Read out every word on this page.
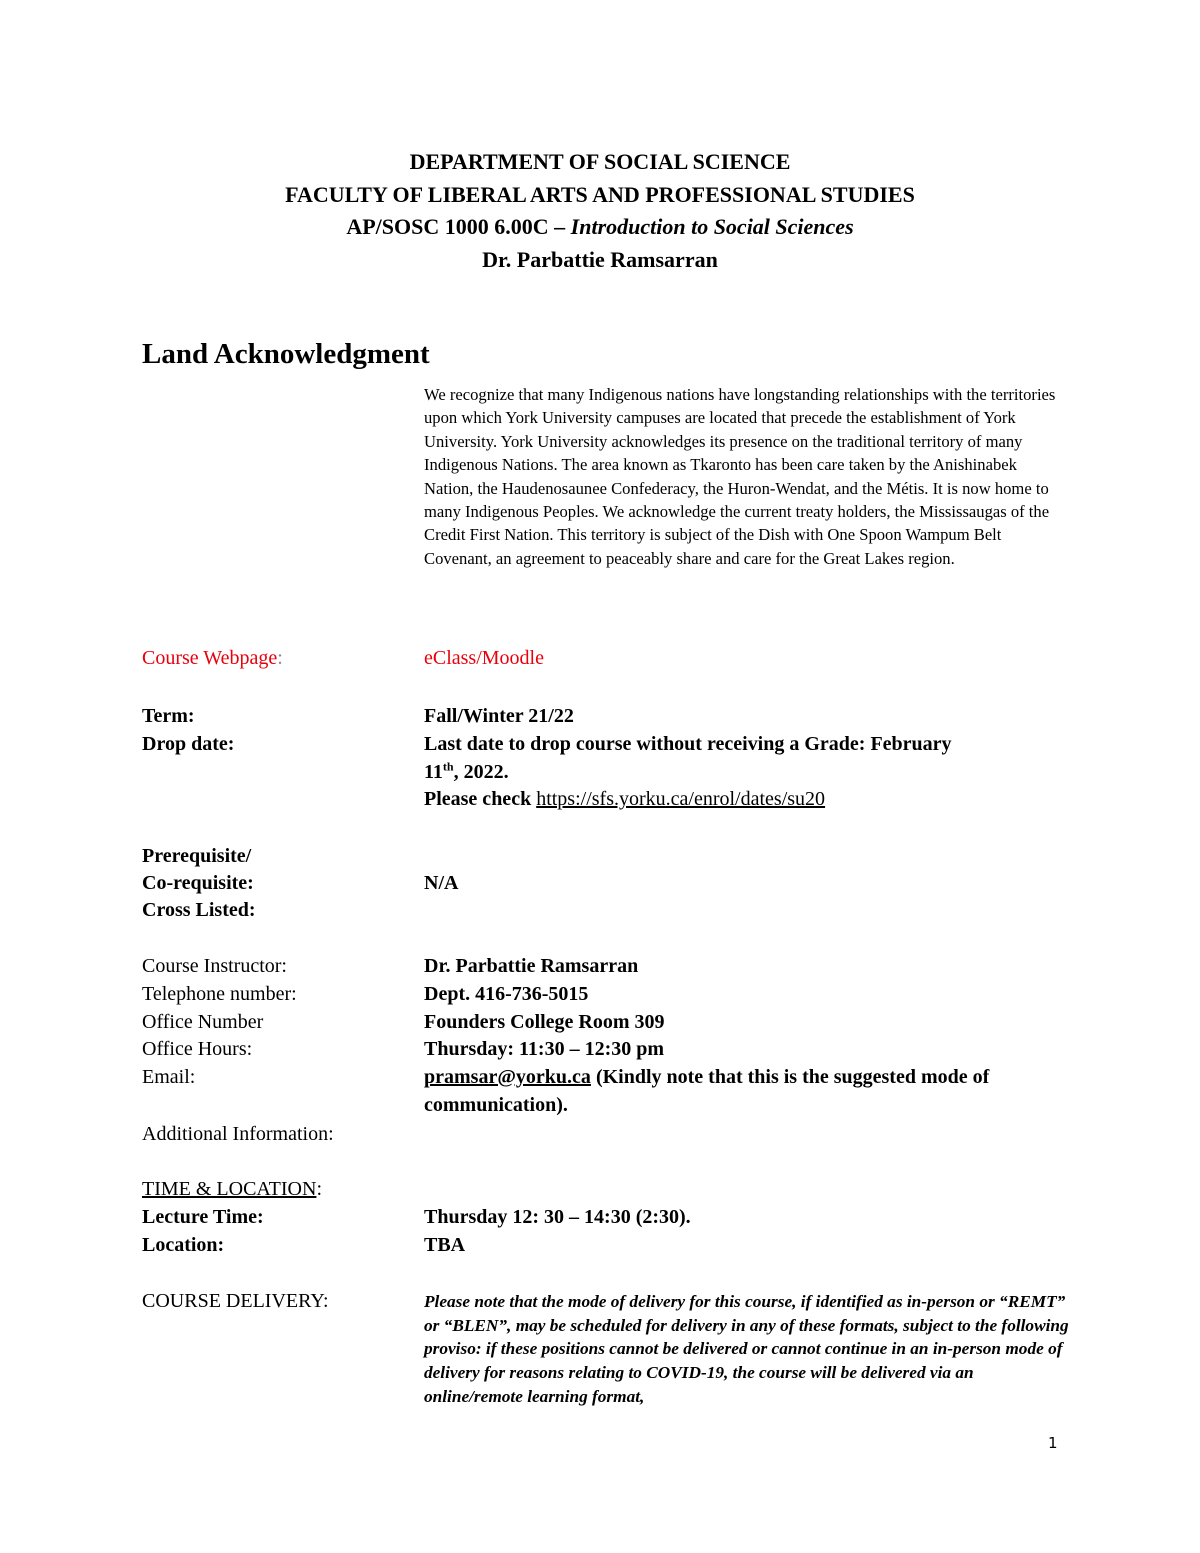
DEPARTMENT OF SOCIAL SCIENCE
FACULTY OF LIBERAL ARTS AND PROFESSIONAL STUDIES
AP/SOSC 1000 6.00C – Introduction to Social Sciences
Dr. Parbattie Ramsarran
Land Acknowledgment
We recognize that many Indigenous nations have longstanding relationships with the territories upon which York University campuses are located that precede the establishment of York University. York University acknowledges its presence on the traditional territory of many Indigenous Nations. The area known as Tkaronto has been care taken by the Anishinabek Nation, the Haudenosaunee Confederacy, the Huron-Wendat, and the Métis. It is now home to many Indigenous Peoples. We acknowledge the current treaty holders, the Mississaugas of the Credit First Nation. This territory is subject of the Dish with One Spoon Wampum Belt Covenant, an agreement to peaceably share and care for the Great Lakes region.
Course Webpage:	eClass/Moodle
Term:	Fall/Winter 21/22
Drop date:	Last date to drop course without receiving a Grade: February
11th, 2022.
Please check https://sfs.yorku.ca/enrol/dates/su20
Prerequisite/
Co-requisite:	N/A
Cross Listed:
Course Instructor:	Dr. Parbattie Ramsarran
Telephone number:	Dept. 416-736-5015
Office Number	Founders College Room 309
Office Hours:	Thursday: 11:30 – 12:30 pm
Email:	pramsar@yorku.ca (Kindly note that this is the suggested mode of communication).
Additional Information:
TIME & LOCATION:
Lecture Time:	Thursday 12: 30 – 14:30 (2:30).
Location:	TBA
COURSE DELIVERY:	Please note that the mode of delivery for this course, if identified as in-person or “REMT” or “BLEN”, may be scheduled for delivery in any of these formats, subject to the following proviso: if these positions cannot be delivered or cannot continue in an in-person mode of delivery for reasons relating to COVID-19, the course will be delivered via an online/remote learning format,
1
